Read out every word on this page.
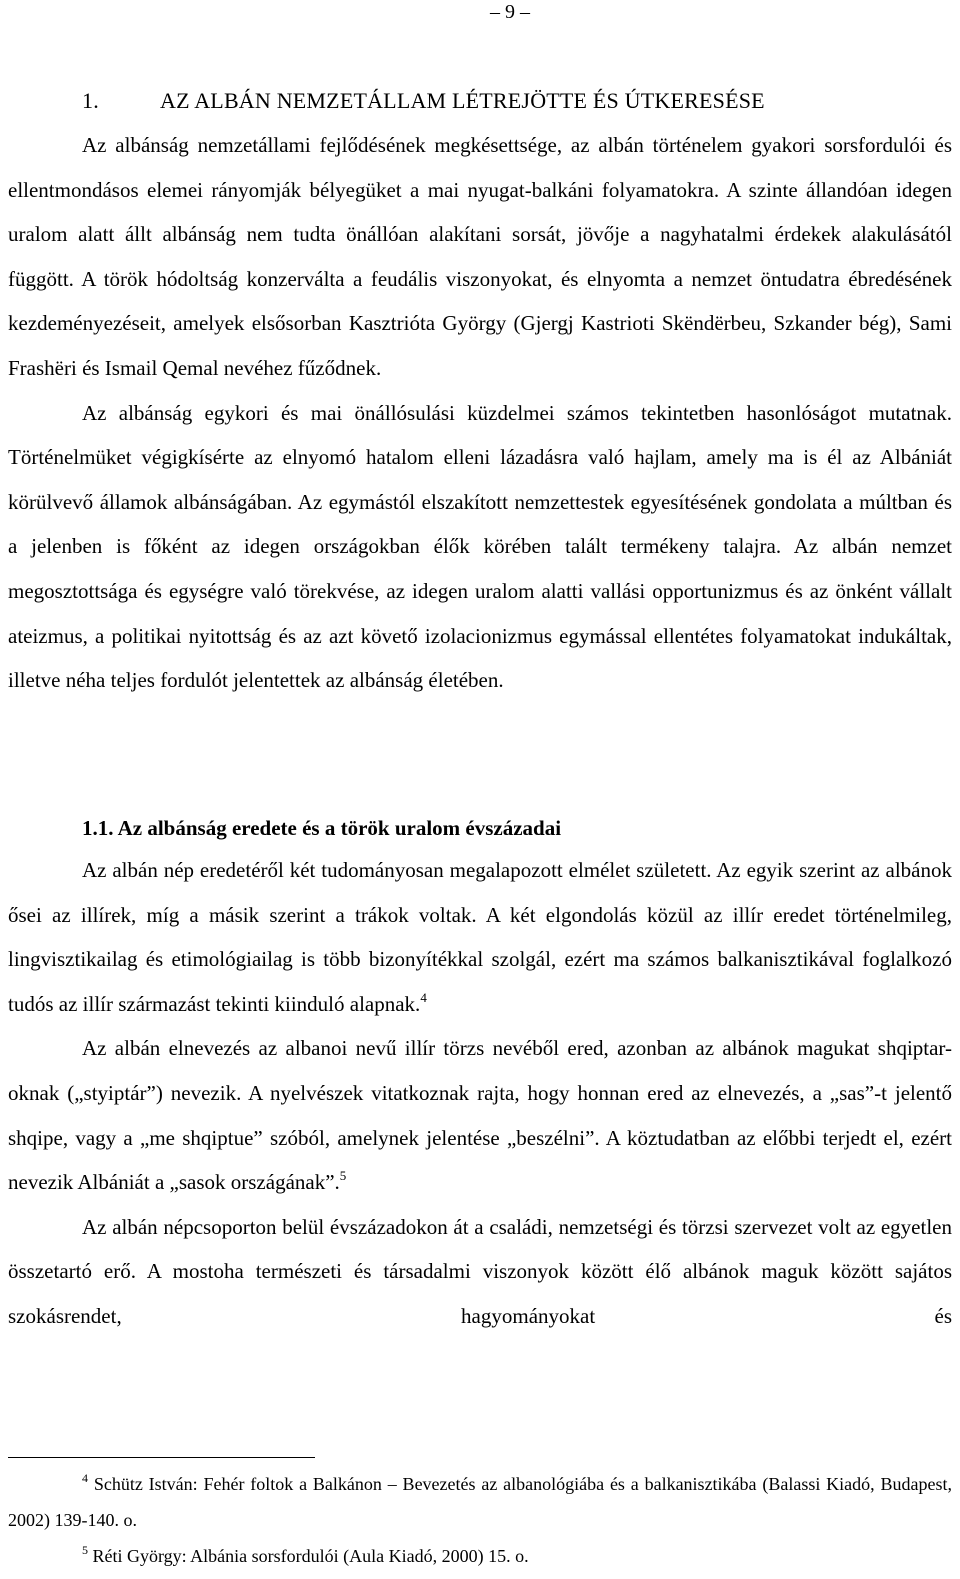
– 9 –
1.	AZ ALBÁN NEMZETÁLLAM LÉTREJÖTTE ÉS ÚTKERESÉSE

Az albánság nemzetállami fejlődésének megkésettsége, az albán történelem gyakori sorsfordulói és ellentmondásos elemei rányomják bélyegüket a mai nyugat-balkáni folyamatokra. A szinte állandóan idegen uralom alatt állt albánság nem tudta önállóan alakítani sorsát, jövője a nagyhatalmi érdekek alakulásától függött. A török hódoltság konzerválta a feudális viszonyokat, és elnyomta a nemzet öntudatra ébredésének kezdeményezéseit, amelyek elsősorban Kasztrióta György (Gjergj Kastrioti Skëndërbeu, Szkander bég), Sami Frashëri és Ismail Qemal nevéhez fűződnek.

Az albánság egykori és mai önállósulási küzdelmei számos tekintetben hasonlóságot mutatnak. Történelmüket végigkísérte az elnyomó hatalom elleni lázadásra való hajlam, amely ma is él az Albániát körülvevő államok albánságában. Az egymástól elszakított nemzettestek egyesítésének gondolata a múltban és a jelenben is főként az idegen országokban élők körében talált termékeny talajra. Az albán nemzet megosztottsága és egységre való törekvése, az idegen uralom alatti vallási opportunizmus és az önként vállalt ateizmus, a politikai nyitottság és az azt követő izolacionizmus egymással ellentétes folyamatokat indukáltak, illetve néha teljes fordulót jelentettek az albánság életében.

1.1. Az albánság eredete és a török uralom évszázadai

Az albán nép eredetéről két tudományosan megalapozott elmélet született. Az egyik szerint az albánok ősei az illírek, míg a másik szerint a trákok voltak. A két elgondolás közül az illír eredet történelmileg, lingvisztikailag és etimológiailag is több bizonyítékkal szolgál, ezért ma számos balkanisztikával foglalkozó tudós az illír származást tekinti kiinduló alapnak.$^4$

Az albán elnevezés az albanoi nevű illír törzs nevéből ered, azonban az albánok magukat shqiptar-oknak („styiptár”) nevezik. A nyelvészek vitatkoznak rajta, hogy honnan ered az elnevezés, a „sas”-t jelentő shqipe, vagy a „me shqiptue” szóból, amelynek jelentése „beszélni”. A köztudatban az előbbi terjedt el, ezért nevezik Albániát a „sasok országának”.$^5$

Az albán népcsoporton belül évszázadokon át a családi, nemzetségi és törzsi szervezet volt az egyetlen összetartó erő. A mostoha természeti és társadalmi viszonyok között élő albánok maguk között sajátos szokásrendet, hagyományokat és

$^4$ Schütz István: Fehér foltok a Balkánon – Bevezetés az albanológiába és a balkanisztikába (Balassi Kiadó, Budapest, 2002) 139-140. o.

$^5$ Réti György: Albánia sorsfordulói (Aula Kiadó, 2000) 15. o.
